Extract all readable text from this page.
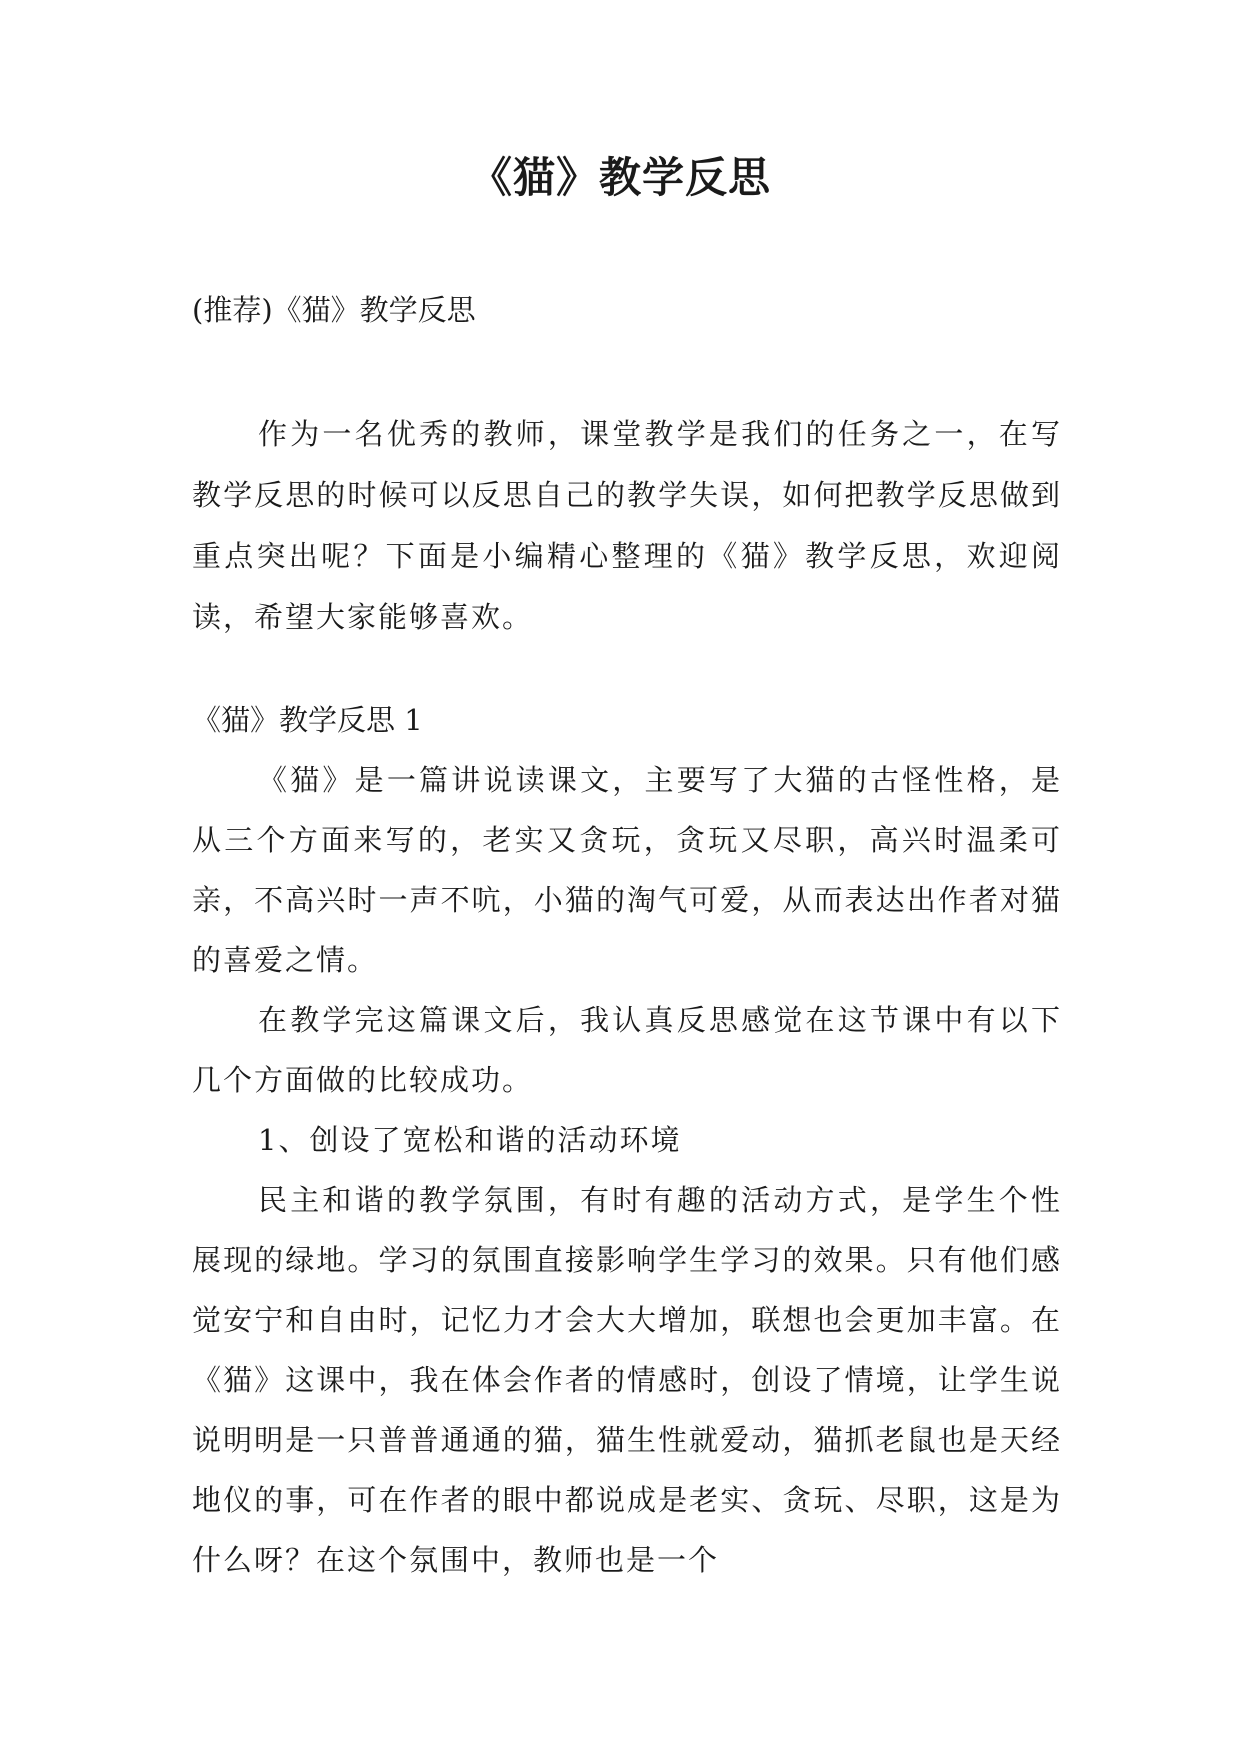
《猫》教学反思

(推荐)《猫》教学反思

作为一名优秀的教师，课堂教学是我们的任务之一，在写教学反思的时候可以反思自己的教学失误，如何把教学反思做到重点突出呢？下面是小编精心整理的《猫》教学反思，欢迎阅读，希望大家能够喜欢。

《猫》教学反思 1

《猫》是一篇讲说读课文，主要写了大猫的古怪性格，是从三个方面来写的，老实又贪玩，贪玩又尽职，高兴时温柔可亲，不高兴时一声不吭，小猫的淘气可爱，从而表达出作者对猫的喜爱之情。

在教学完这篇课文后，我认真反思感觉在这节课中有以下几个方面做的比较成功。

1、创设了宽松和谐的活动环境

民主和谐的教学氛围，有时有趣的活动方式，是学生个性展现的绿地。学习的氛围直接影响学生学习的效果。只有他们感觉安宁和自由时，记忆力才会大大增加，联想也会更加丰富。在《猫》这课中，我在体会作者的情感时，创设了情境，让学生说说明明是一只普普通通的猫，猫生性就爱动，猫抓老鼠也是天经地仪的事，可在作者的眼中都说成是老实、贪玩、尽职，这是为什么呀？在这个氛围中，教师也是一个
